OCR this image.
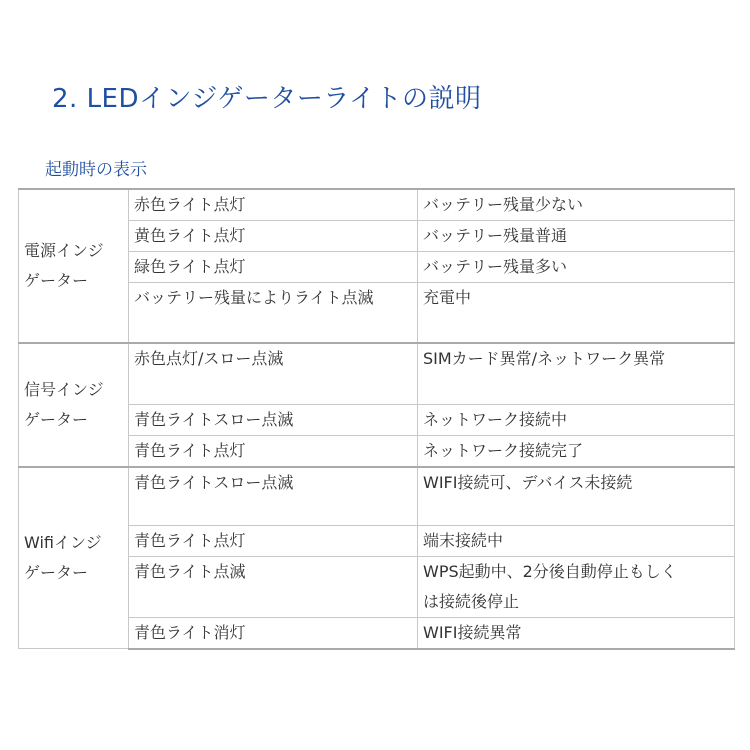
2. LEDインジゲーターライトの説明
起動時の表示
電源インジ
ゲーター	赤色ライト点灯	バッテリー残量少ない
	黄色ライト点灯	バッテリー残量普通
	緑色ライト点灯	バッテリー残量多い
	バッテリー残量によりライト点滅	充電中

信号インジ
ゲーター	赤色点灯/スロー点滅	SIMカード異常/ネットワーク異常
	青色ライトスロー点滅	ネットワーク接続中
	青色ライト点灯	ネットワーク接続完了

Wifiインジ
ゲーター	青色ライトスロー点滅	WIFI接続可、デバイス未接続
	青色ライト点灯	端末接続中
	青色ライト点滅	WPS起動中、2分後自動停止もしく
は接続後停止

	青色ライト消灯	WIFI接続異常
